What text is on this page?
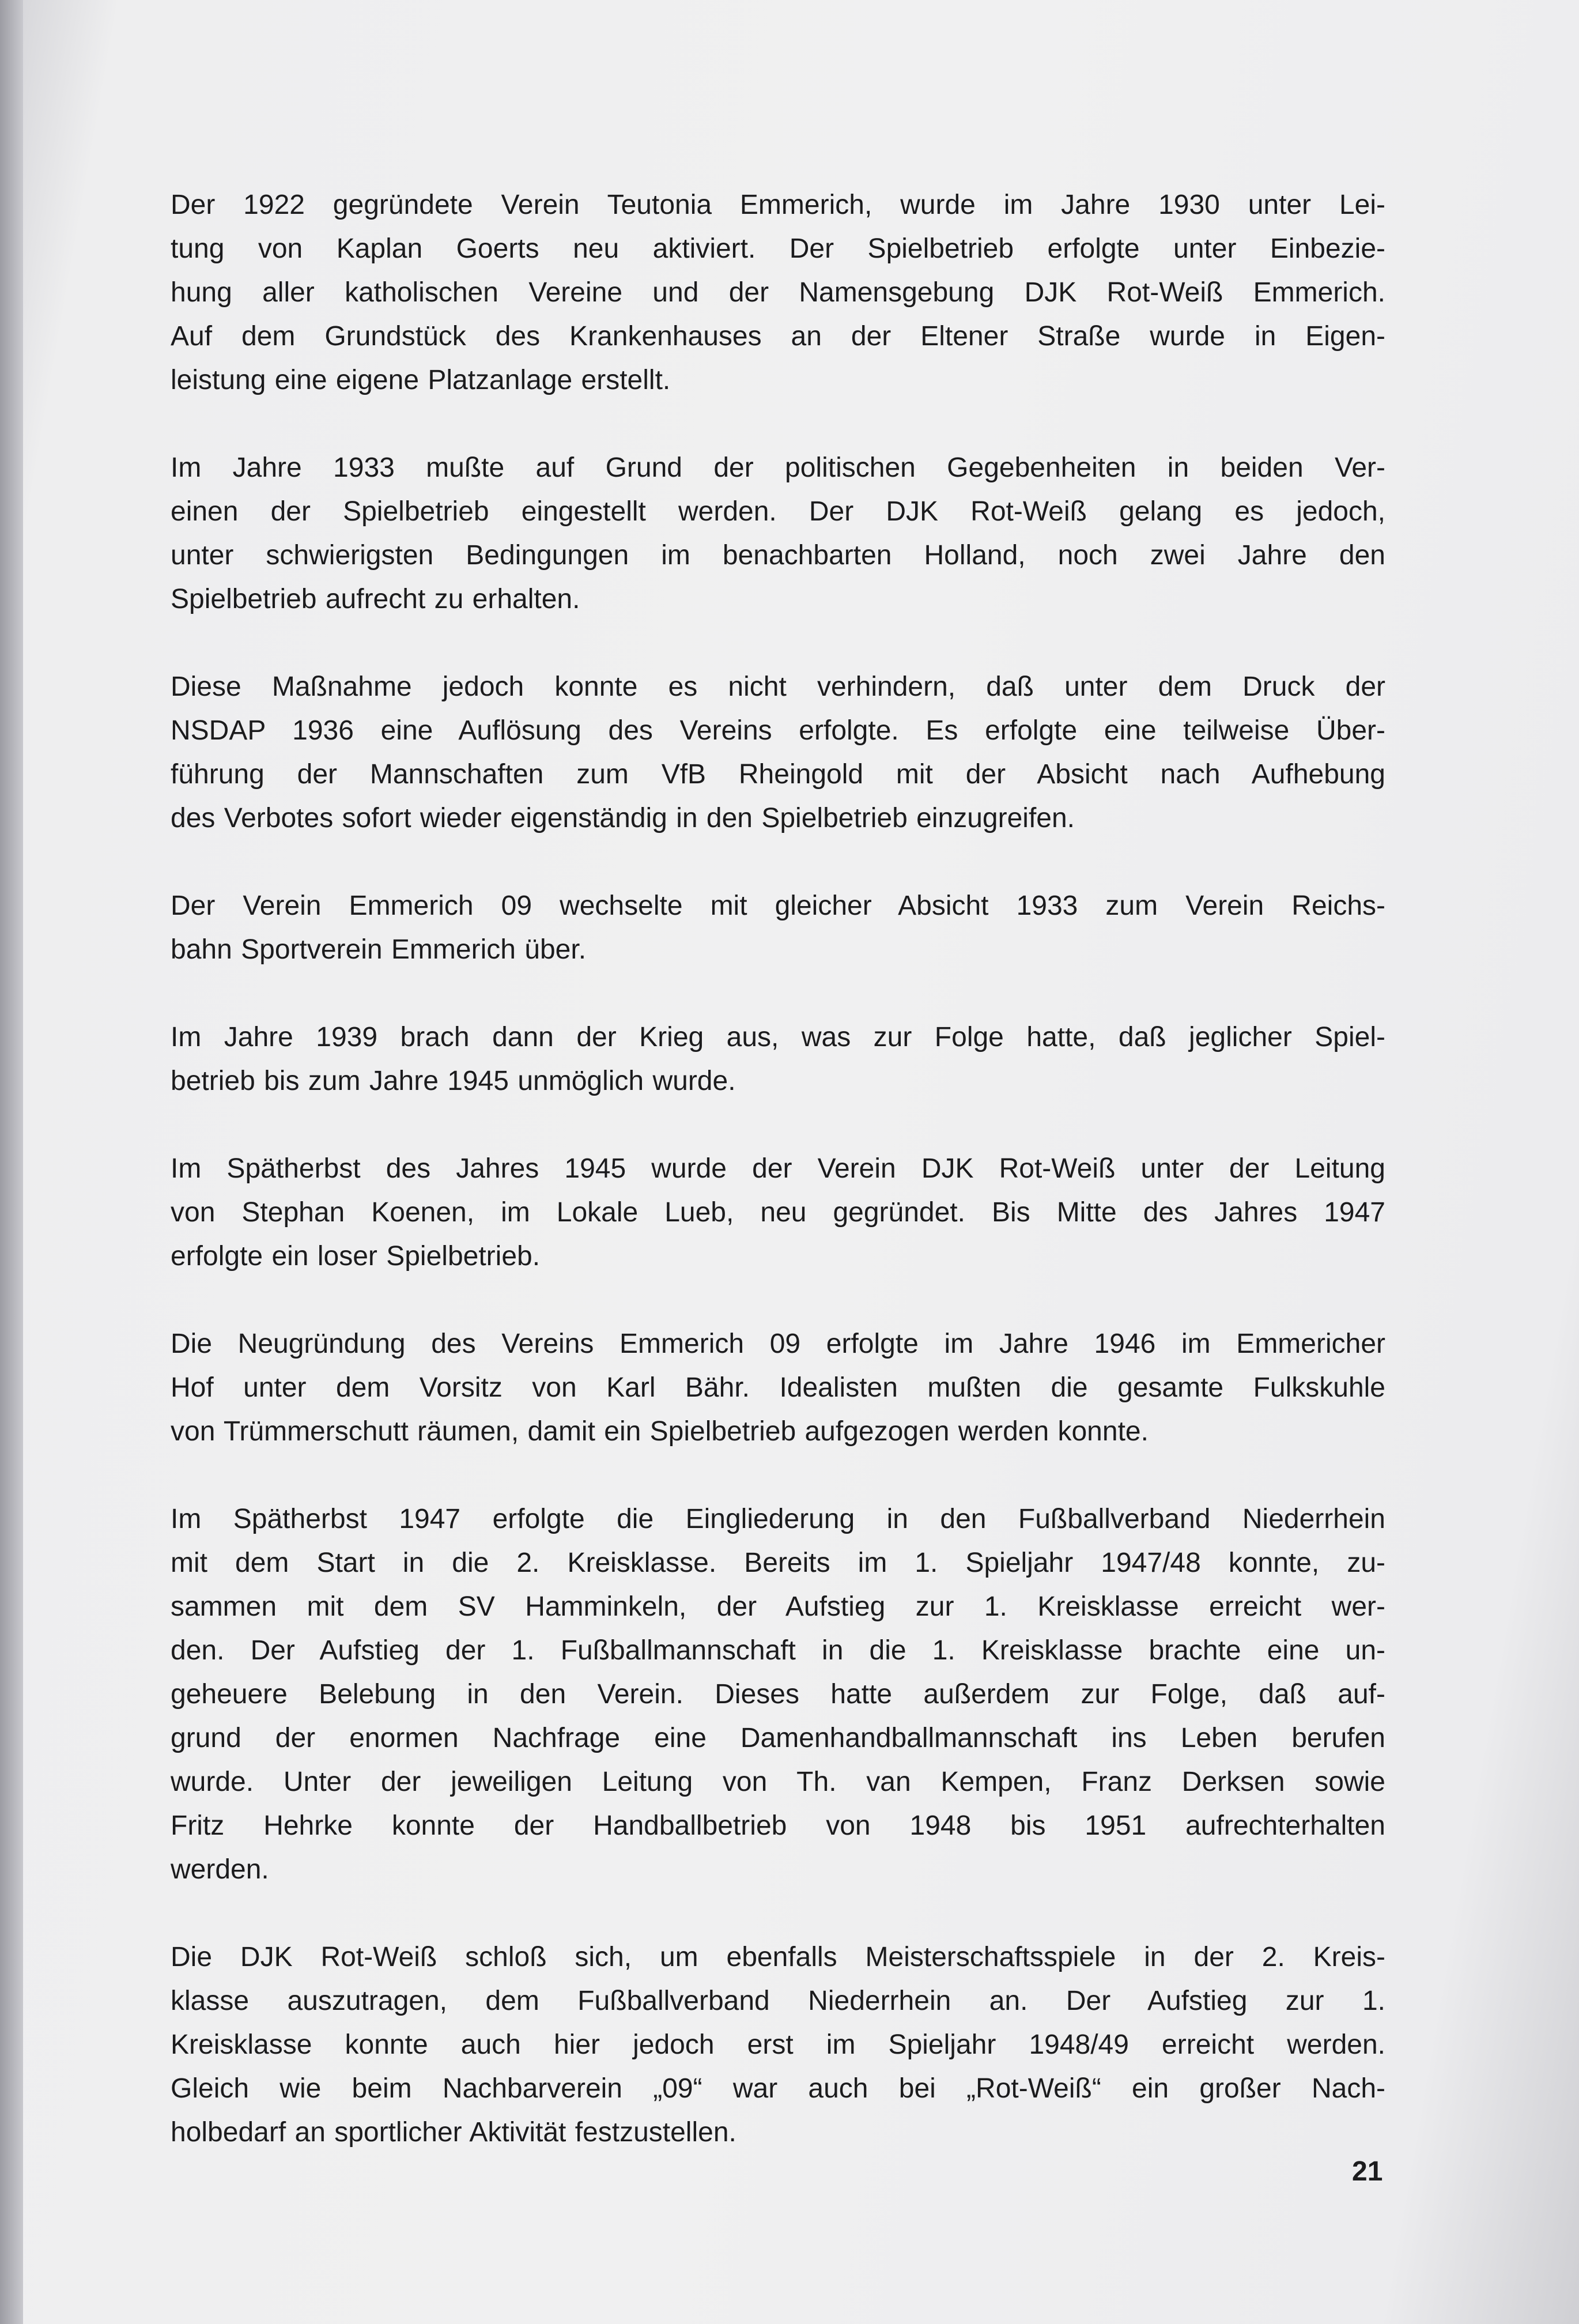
Der 1922 gegründete Verein Teutonia Emmerich, wurde im Jahre 1930 unter Lei-
tung von Kaplan Goerts neu aktiviert. Der Spielbetrieb erfolgte unter Einbezie-
hung aller katholischen Vereine und der Namensgebung DJK Rot-Weiß Emmerich.
Auf dem Grundstück des Krankenhauses an der Eltener Straße wurde in Eigen-
leistung eine eigene Platzanlage erstellt.

Im Jahre 1933 mußte auf Grund der politischen Gegebenheiten in beiden Ver-
einen der Spielbetrieb eingestellt werden. Der DJK Rot-Weiß gelang es jedoch,
unter schwierigsten Bedingungen im benachbarten Holland, noch zwei Jahre den
Spielbetrieb aufrecht zu erhalten.

Diese Maßnahme jedoch konnte es nicht verhindern, daß unter dem Druck der
NSDAP 1936 eine Auflösung des Vereins erfolgte. Es erfolgte eine teilweise Über-
führung der Mannschaften zum VfB Rheingold mit der Absicht nach Aufhebung
des Verbotes sofort wieder eigenständig in den Spielbetrieb einzugreifen.

Der Verein Emmerich 09 wechselte mit gleicher Absicht 1933 zum Verein Reichs-
bahn Sportverein Emmerich über.

Im Jahre 1939 brach dann der Krieg aus, was zur Folge hatte, daß jeglicher Spiel-
betrieb bis zum Jahre 1945 unmöglich wurde.

Im Spätherbst des Jahres 1945 wurde der Verein DJK Rot-Weiß unter der Leitung
von Stephan Koenen, im Lokale Lueb, neu gegründet. Bis Mitte des Jahres 1947
erfolgte ein loser Spielbetrieb.

Die Neugründung des Vereins Emmerich 09 erfolgte im Jahre 1946 im Emmericher
Hof unter dem Vorsitz von Karl Bähr. Idealisten mußten die gesamte Fulkskuhle
von Trümmerschutt räumen, damit ein Spielbetrieb aufgezogen werden konnte.

Im Spätherbst 1947 erfolgte die Eingliederung in den Fußballverband Niederrhein
mit dem Start in die 2. Kreisklasse. Bereits im 1. Spieljahr 1947/48 konnte, zu-
sammen mit dem SV Hamminkeln, der Aufstieg zur 1. Kreisklasse erreicht wer-
den. Der Aufstieg der 1. Fußballmannschaft in die 1. Kreisklasse brachte eine un-
geheuere Belebung in den Verein. Dieses hatte außerdem zur Folge, daß auf-
grund der enormen Nachfrage eine Damenhandballmannschaft ins Leben berufen
wurde. Unter der jeweiligen Leitung von Th. van Kempen, Franz Derksen sowie
Fritz Hehrke konnte der Handballbetrieb von 1948 bis 1951 aufrechterhalten
werden.

Die DJK Rot-Weiß schloß sich, um ebenfalls Meisterschaftsspiele in der 2. Kreis-
klasse auszutragen, dem Fußballverband Niederrhein an. Der Aufstieg zur 1.
Kreisklasse konnte auch hier jedoch erst im Spieljahr 1948/49 erreicht werden.
Gleich wie beim Nachbarverein „09“ war auch bei „Rot-Weiß“ ein großer Nach-
holbedarf an sportlicher Aktivität festzustellen.

21
